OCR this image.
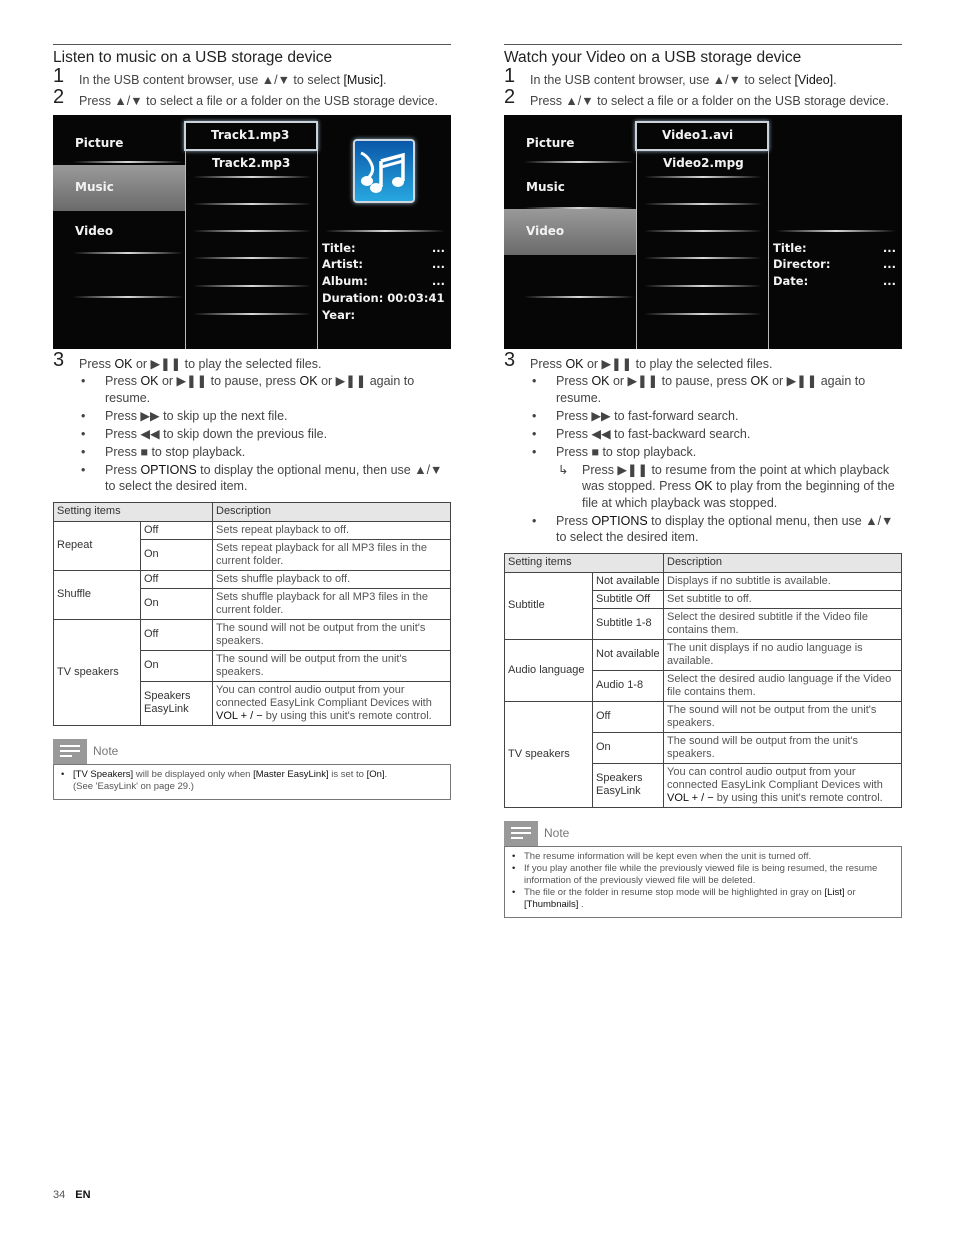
Listen to music on a USB storage device
1 In the USB content browser, use ▲/▼ to select [Music].
2 Press ▲/▼ to select a file or a folder on the USB storage device.
Picture
Music
Video
Track1.mp3
Track2.mp3
Title:	...
Artist:	...
Album:	...
Duration: 00:03:41
Year:
3 Press OK or ▶❚❚ to play the selected files.
• Press OK or ▶❚❚ to pause, press OK or ▶❚❚ again to resume.
• Press ▶▶ to skip up the next file.
• Press ◀◀ to skip down the previous file.
• Press ■ to stop playback.
• Press OPTIONS to display the optional menu, then use ▲/▼ to select the desired item.
Setting items		Description
Repeat	Off	Sets repeat playback to off.
	On	Sets repeat playback for all MP3 files in the current folder.
Shuffle	Off	Sets shuffle playback to off.
	On	Sets shuffle playback for all MP3 files in the current folder.
TV speakers	Off	The sound will not be output from the unit's speakers.
	On	The sound will be output from the unit's speakers.
	Speakers EasyLink	You can control audio output from your connected EasyLink Compliant Devices with VOL + / − by using this unit's remote control.
Note
• [TV Speakers] will be displayed only when [Master EasyLink] is set to [On].
(See 'EasyLink' on page 29.)
Watch your Video on a USB storage device
1 In the USB content browser, use ▲/▼ to select [Video].
2 Press ▲/▼ to select a file or a folder on the USB storage device.
Picture
Music
Video
Video1.avi
Video2.mpg
Title:	...
Director:	...
Date:	...
3 Press OK or ▶❚❚ to play the selected files.
• Press OK or ▶❚❚ to pause, press OK or ▶❚❚ again to resume.
• Press ▶▶ to fast-forward search.
• Press ◀◀ to fast-backward search.
• Press ■ to stop playback.
↳ Press ▶❚❚ to resume from the point at which playback was stopped. Press OK to play from the beginning of the file at which playback was stopped.
• Press OPTIONS to display the optional menu, then use ▲/▼ to select the desired item.
Setting items		Description
Subtitle	Not available	Displays if no subtitle is available.
	Subtitle Off	Set subtitle to off.
	Subtitle 1-8	Select the desired subtitle if the Video file contains them.
Audio language	Not available	The unit displays if no audio language is available.
	Audio 1-8	Select the desired audio language if the Video file contains them.
TV speakers	Off	The sound will not be output from the unit's speakers.
	On	The sound will be output from the unit's speakers.
	Speakers EasyLink	You can control audio output from your connected EasyLink Compliant Devices with VOL + / − by using this unit's remote control.
Note
• The resume information will be kept even when the unit is turned off.
• If you play another file while the previously viewed file is being resumed, the resume information of the previously viewed file will be deleted.
• The file or the folder in resume stop mode will be highlighted in gray on [List] or [Thumbnails] .
34 EN
